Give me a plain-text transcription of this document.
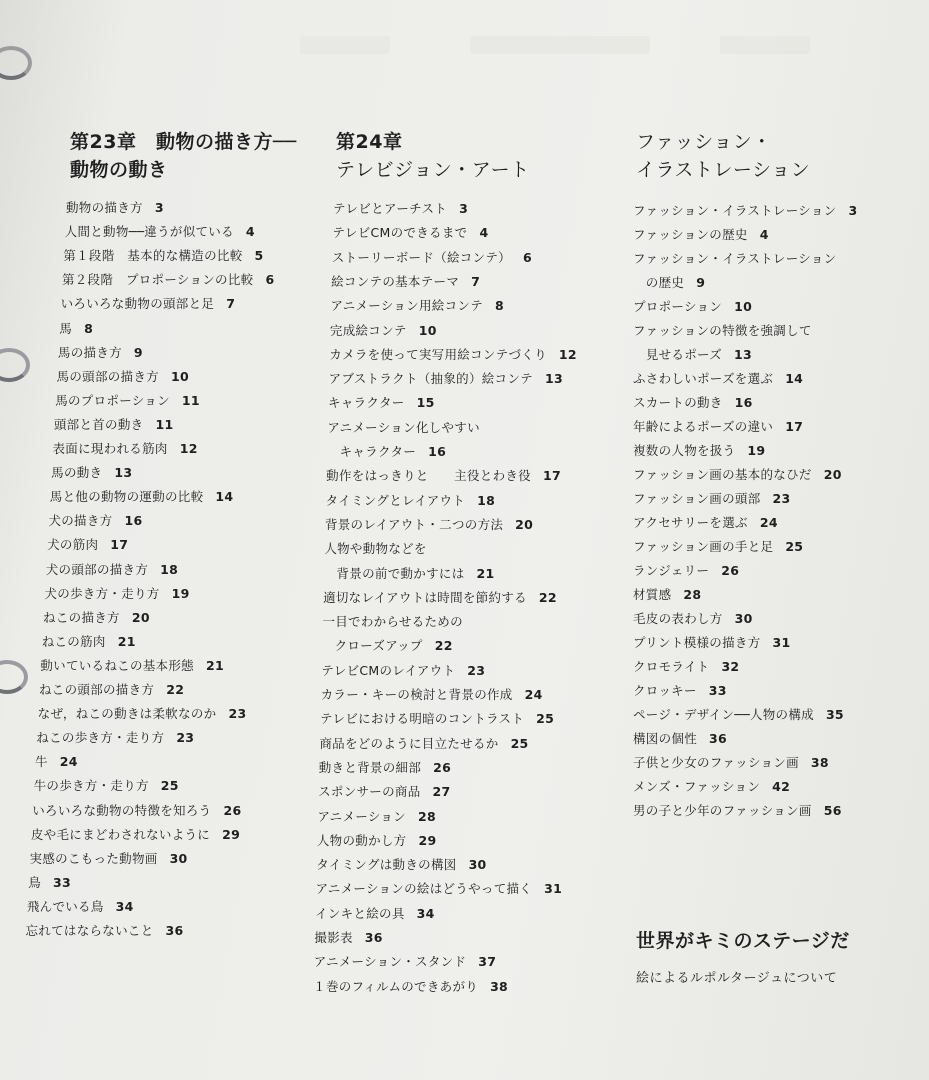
第23章　動物の描き方──
動物の動き
動物の描き方 3
人間と動物──違うが似ている 4
第１段階　基本的な構造の比較 5
第２段階　プロポーションの比較 6
いろいろな動物の頭部と足 7
馬 8
馬の描き方 9
馬の頭部の描き方 10
馬のプロポーション 11
頭部と首の動き 11
表面に現われる筋肉 12
馬の動き 13
馬と他の動物の運動の比較 14
犬の描き方 16
犬の筋肉 17
犬の頭部の描き方 18
犬の歩き方・走り方 19
ねこの描き方 20
ねこの筋肉 21
動いているねこの基本形態 21
ねこの頭部の描き方 22
なぜ，ねこの動きは柔軟なのか 23
ねこの歩き方・走り方 23
牛 24
牛の歩き方・走り方 25
いろいろな動物の特徴を知ろう 26
皮や毛にまどわされないように 29
実感のこもった動物画 30
鳥 33
飛んでいる鳥 34
忘れてはならないこと 36
第24章
テレビジョン・アート
テレビとアーチスト 3
テレビCMのできるまで 4
ストーリーボード（絵コンテ） 6
絵コンテの基本テーマ 7
アニメーション用絵コンテ 8
完成絵コンテ 10
カメラを使って実写用絵コンテづくり 12
アブストラクト（抽象的）絵コンテ 13
キャラクター 15
アニメーション化しやすい
　キャラクター 16
動作をはっきりと　　主役とわき役 17
タイミングとレイアウト 18
背景のレイアウト・二つの方法 20
人物や動物などを
　背景の前で動かすには 21
適切なレイアウトは時間を節約する 22
一目でわからせるための
　クローズアップ 22
テレビCMのレイアウト 23
カラー・キーの検討と背景の作成 24
テレビにおける明暗のコントラスト 25
商品をどのように目立たせるか 25
動きと背景の細部 26
スポンサーの商品 27
アニメーション 28
人物の動かし方 29
タイミングは動きの構図 30
アニメーションの絵はどうやって描く 31
インキと絵の具 34
撮影表 36
アニメーション・スタンド 37
１巻のフィルムのできあがり 38
ファッション・
イラストレーション
ファッション・イラストレーション 3
ファッションの歴史 4
ファッション・イラストレーション
　の歴史 9
プロポーション 10
ファッションの特徴を強調して
　見せるポーズ 13
ふさわしいポーズを選ぶ 14
スカートの動き 16
年齢によるポーズの違い 17
複数の人物を扱う 19
ファッション画の基本的なひだ 20
ファッション画の頭部 23
アクセサリーを選ぶ 24
ファッション画の手と足 25
ランジェリー 26
材質感 28
毛皮の表わし方 30
プリント模様の描き方 31
クロモライト 32
クロッキー 33
ページ・デザイン──人物の構成 35
構図の個性 36
子供と少女のファッション画 38
メンズ・ファッション 42
男の子と少年のファッション画 56
世界がキミのステージだ
絵によるルポルタージュについて
